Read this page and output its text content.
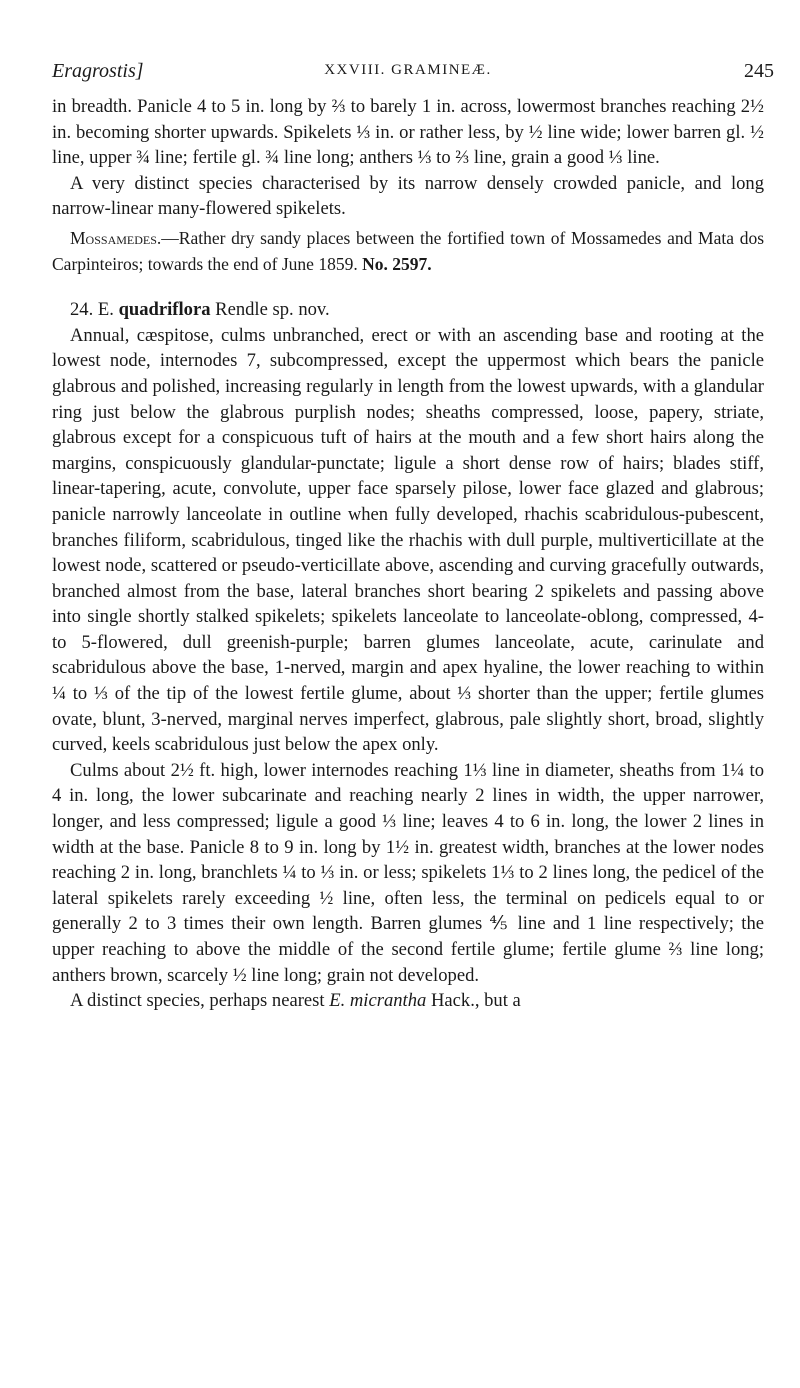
Eragrostis]	XXVIII. GRAMINEÆ.	245

in breadth. Panicle 4 to 5 in. long by ⅔ to barely 1 in. across, lowermost branches reaching 2½ in. becoming shorter upwards. Spikelets ⅓ in. or rather less, by ½ line wide; lower barren gl. ½ line, upper ¾ line; fertile gl. ¾ line long; anthers ⅓ to ⅔ line, grain a good ⅓ line.

A very distinct species characterised by its narrow densely crowded panicle, and long narrow-linear many-flowered spikelets.

Mossamedes.—Rather dry sandy places between the fortified town of Mossamedes and Mata dos Carpinteiros; towards the end of June 1859. No. 2597.

24. E. quadriflora Rendle sp. nov.

Annual, cæspitose, culms unbranched, erect or with an ascending base and rooting at the lowest node, internodes 7, subcompressed, except the uppermost which bears the panicle glabrous and polished, increasing regularly in length from the lowest upwards, with a glandular ring just below the glabrous purplish nodes; sheaths compressed, loose, papery, striate, glabrous except for a conspicuous tuft of hairs at the mouth and a few short hairs along the margins, conspicuously glandular-punctate; ligule a short dense row of hairs; blades stiff, linear-tapering, acute, convolute, upper face sparsely pilose, lower face glazed and glabrous; panicle narrowly lanceolate in outline when fully developed, rhachis scabridulous-pubescent, branches filiform, scabridulous, tinged like the rhachis with dull purple, multiverticillate at the lowest node, scattered or pseudo-verticillate above, ascending and curving gracefully outwards, branched almost from the base, lateral branches short bearing 2 spikelets and passing above into single shortly stalked spikelets; spikelets lanceolate to lanceolate-oblong, compressed, 4- to 5-flowered, dull greenish-purple; barren glumes lanceolate, acute, carinulate and scabridulous above the base, 1-nerved, margin and apex hyaline, the lower reaching to within ¼ to ⅓ of the tip of the lowest fertile glume, about ⅓ shorter than the upper; fertile glumes ovate, blunt, 3-nerved, marginal nerves imperfect, glabrous, pale slightly short, broad, slightly curved, keels scabridulous just below the apex only.

Culms about 2½ ft. high, lower internodes reaching 1⅓ line in diameter, sheaths from 1¼ to 4 in. long, the lower subcarinate and reaching nearly 2 lines in width, the upper narrower, longer, and less compressed; ligule a good ⅓ line; leaves 4 to 6 in. long, the lower 2 lines in width at the base. Panicle 8 to 9 in. long by 1½ in. greatest width, branches at the lower nodes reaching 2 in. long, branchlets ¼ to ⅓ in. or less; spikelets 1⅓ to 2 lines long, the pedicel of the lateral spikelets rarely exceeding ½ line, often less, the terminal on pedicels equal to or generally 2 to 3 times their own length. Barren glumes ⅘ line and 1 line respectively; the upper reaching to above the middle of the second fertile glume; fertile glume ⅔ line long; anthers brown, scarcely ½ line long; grain not developed.

A distinct species, perhaps nearest E. micrantha Hack., but a
